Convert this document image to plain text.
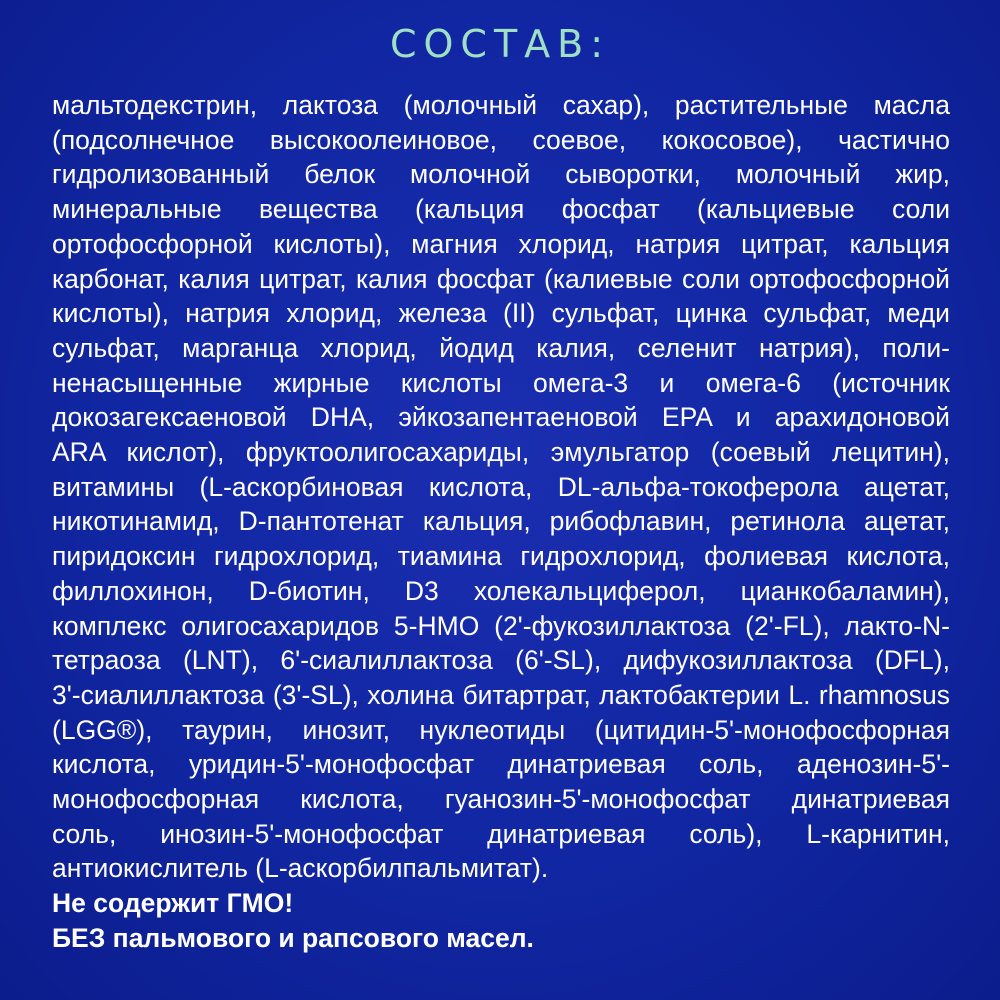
СОСТАВ:
мальтодекстрин, лактоза (молочный сахар), растительные масла
(подсолнечное высокоолеиновое, соевое, кокосовое), частично
гидролизованный белок молочной сыворотки, молочный жир,
минеральные вещества (кальция фосфат (кальциевые соли
ортофосфорной кислоты), магния хлорид, натрия цитрат, кальция
карбонат, калия цитрат, калия фосфат (калиевые соли ортофосфорной
кислоты), натрия хлорид, железа (II) сульфат, цинка сульфат, меди
сульфат, марганца хлорид, йодид калия, селенит натрия), поли-
ненасыщенные жирные кислоты омега-3 и омега-6 (источник
докозагексаеновой DHA, эйкозапентаеновой EPA и арахидоновой
ARA кислот), фруктоолигосахариды, эмульгатор (соевый лецитин),
витамины (L-аскорбиновая кислота, DL-альфа-токоферола ацетат,
никотинамид, D-пантотенат кальция, рибофлавин, ретинола ацетат,
пиридоксин гидрохлорид, тиамина гидрохлорид, фолиевая кислота,
филлохинон, D-биотин, D3 холекальциферол, цианкобаламин),
комплекс олигосахаридов 5-HMO (2'-фукозиллактоза (2'-FL), лакто-N-
тетраоза (LNT), 6'-сиалиллактоза (6'-SL), дифукозиллактоза (DFL),
3'-сиалиллактоза (3'-SL), холина битартрат, лактобактерии L. rhamnosus
(LGG®), таурин, инозит, нуклеотиды (цитидин-5'-монофосфорная
кислота, уридин-5'-монофосфат динатриевая соль, аденозин-5'-
монофосфорная кислота, гуанозин-5'-монофосфат динатриевая
соль, инозин-5'-монофосфат динатриевая соль), L-карнитин,
антиокислитель (L-аскорбилпальмитат).
Не содержит ГМО!
БЕЗ пальмового и рапсового масел.
